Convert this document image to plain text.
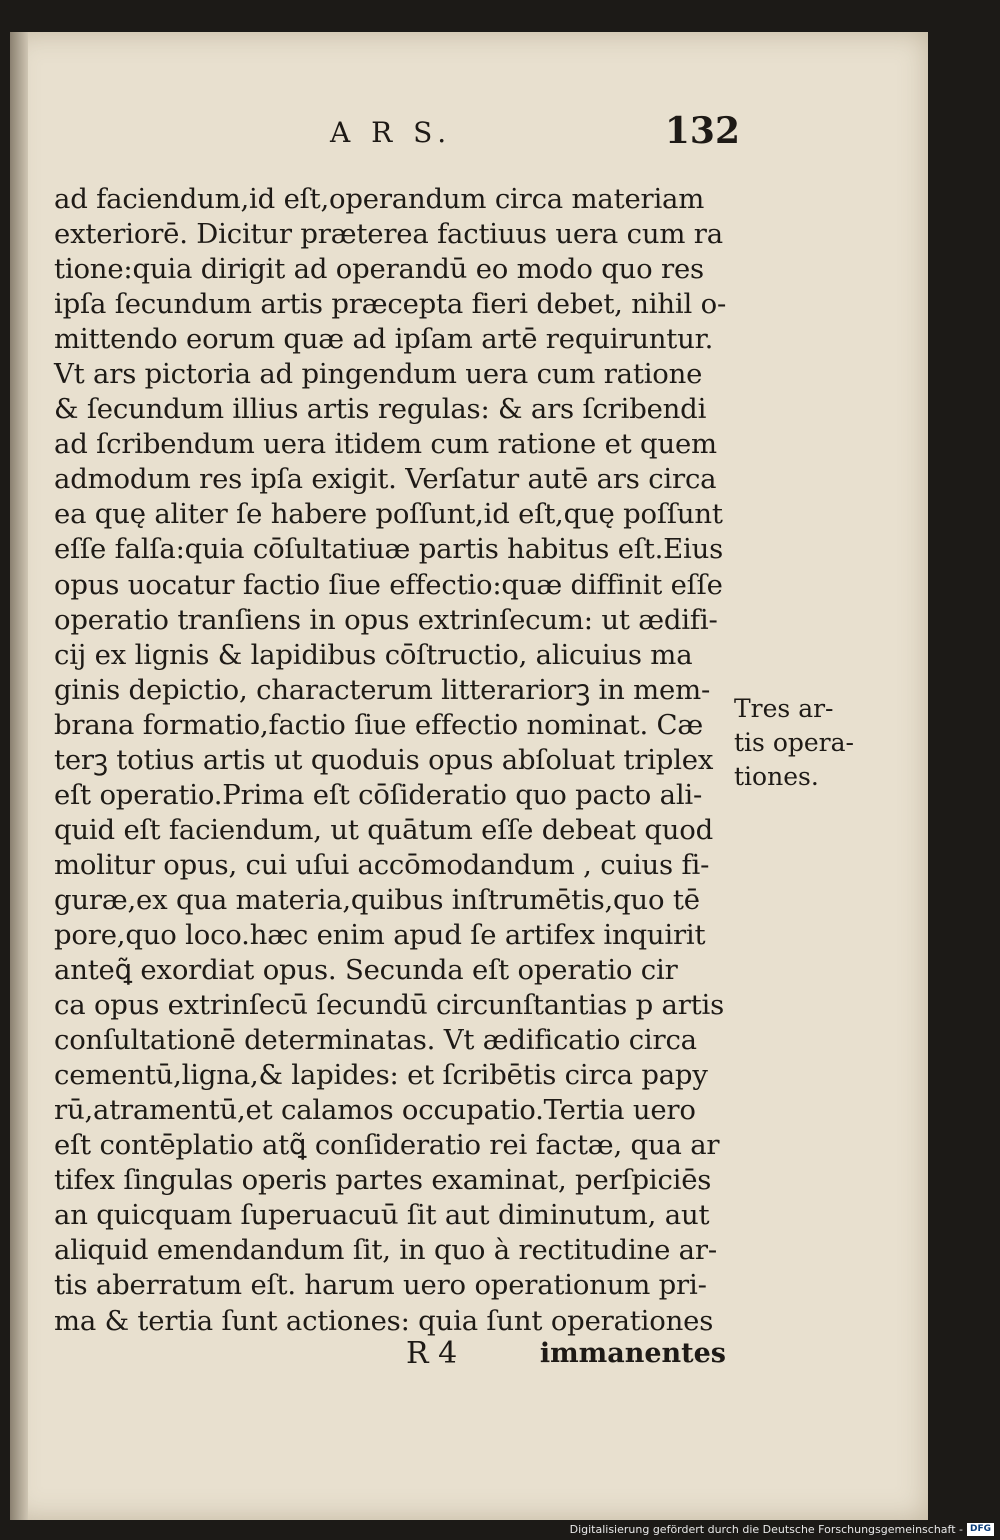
A R S.	132
ad faciendum,id eſt,operandum circa materiam
exteriorē. Dicitur præterea factiuus uera cum ra
tione:quia dirigit ad operandū eo modo quo res
ipſa ſecundum artis præcepta fieri debet, nihil o-
mittendo eorum quæ ad ipſam artē requiruntur.
Vt ars pictoria ad pingendum uera cum ratione
& ſecundum illius artis regulas: & ars ſcribendi
ad ſcribendum uera itidem cum ratione et quem
admodum res ipſa exigit. Verſatur autē ars circa
ea quę aliter ſe habere poſſunt,id eſt,quę poſſunt
eſſe falſa:quia cōſultatiuæ partis habitus eſt.Eius
opus uocatur factio ſiue effectio:quæ diffinit eſſe
operatio tranſiens in opus extrinſecum: ut ædifi-
cij ex lignis & lapidibus cōſtructio, alicuius ma
ginis depictio, characterum litterariorꝫ in mem-
brana formatio,factio ſiue effectio nominat. Cæ
terꝫ totius artis ut quoduis opus abſoluat triplex
eſt operatio.Prima eſt cōſideratio quo pacto ali-
quid eſt faciendum, ut quātum eſſe debeat quod
molitur opus, cui uſui accōmodandum , cuius fi-
guræ,ex qua materia,quibus inſtrumētis,quo tē
pore,quo loco.hæc enim apud ſe artifex inquirit
anteꝗ̃ exordiat opus. Secunda eſt operatio cir
ca opus extrinſecū ſecundū circunſtantias p artis
conſultationē determinatas. Vt ædificatio circa
cementū,ligna,& lapides: et ſcribētis circa papy
rū,atramentū,et calamos occupatio.Tertia uero
eſt contēplatio atꝗ̃ conſideratio rei factæ, qua ar
tifex ſingulas operis partes examinat, perſpiciēs
an quicquam ſuperuacuū ſit aut diminutum, aut
aliquid emendandum ſit, in quo à rectitudine ar-
tis aberratum eſt. harum uero operationum pri-
ma & tertia ſunt actiones: quia ſunt operationes
Tres ar-
tis opera-
tiones.
R 4	immanentes
Digitalisierung gefördert durch die Deutsche Forschungsgemeinschaft - DFG
